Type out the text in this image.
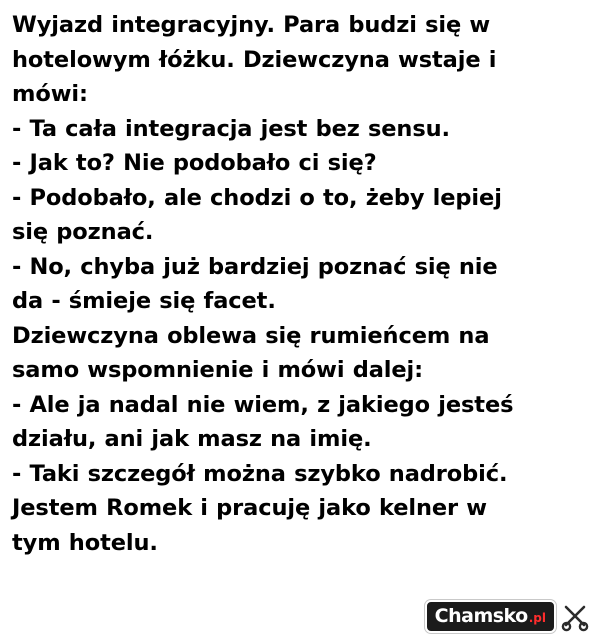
Wyjazd integracyjny. Para budzi się w
hotelowym łóżku. Dziewczyna wstaje i
mówi:
- Ta cała integracja jest bez sensu.
- Jak to? Nie podobało ci się?
- Podobało, ale chodzi o to, żeby lepiej
się poznać.
- No, chyba już bardziej poznać się nie
da - śmieje się facet.
Dziewczyna oblewa się rumieńcem na
samo wspomnienie i mówi dalej:
- Ale ja nadal nie wiem, z jakiego jesteś
działu, ani jak masz na imię.
- Taki szczegół można szybko nadrobić.
Jestem Romek i pracuję jako kelner w
tym hotelu.
Chamsko .pl
